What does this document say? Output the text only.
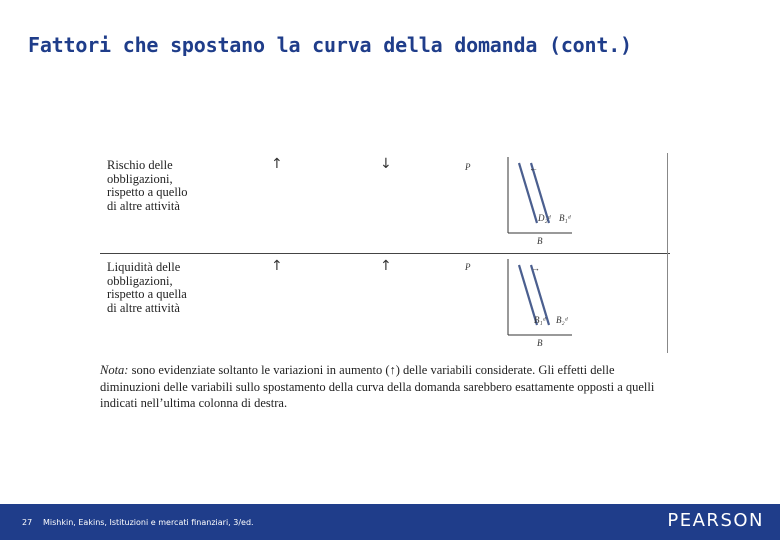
Fattori che spostano la curva della domanda (cont.)
Rischio delle
obbligazioni,
rispetto a quello
di altre attività
↑	↓	P	←
D₂ᵈ B₁ᵈ
B
Liquidità delle
obbligazioni,
rispetto a quella
di altre attività
↑	↑	P	→
B₁ᵈ B₂ᵈ
B
Nota: sono evidenziate soltanto le variazioni in aumento (↑) delle variabili considerate. Gli effetti delle diminuzioni delle variabili sullo spostamento della curva della domanda sarebbero esattamente opposti a quelli indicati nell’ultima colonna di destra.
27 Mishkin, Eakins, Istituzioni e mercati finanziari, 3/ed.	PEARSON
